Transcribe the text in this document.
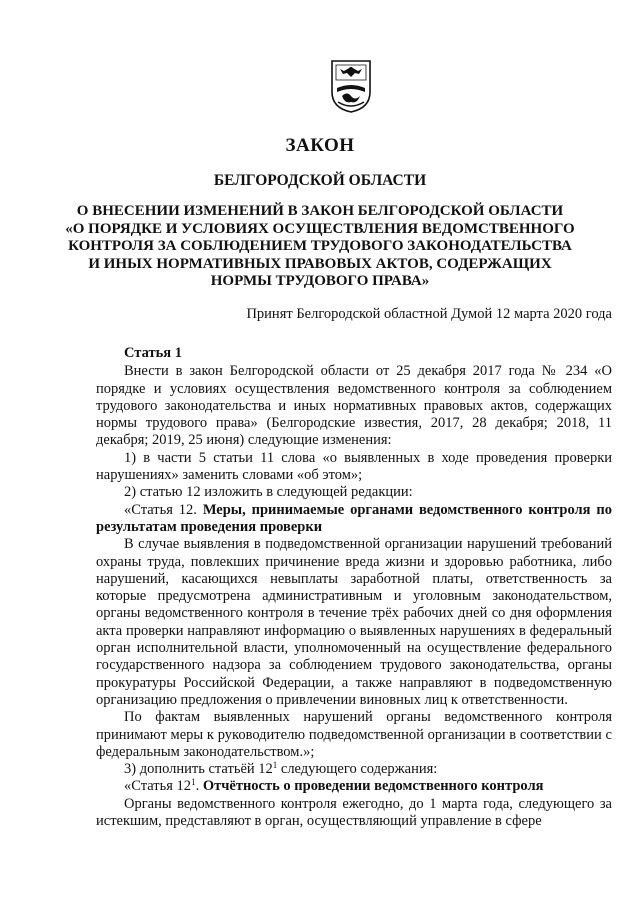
ЗАКОН
БЕЛГОРОДСКОЙ ОБЛАСТИ
О ВНЕСЕНИИ ИЗМЕНЕНИЙ В ЗАКОН БЕЛГОРОДСКОЙ ОБЛАСТИ
«О ПОРЯДКЕ И УСЛОВИЯХ ОСУЩЕСТВЛЕНИЯ ВЕДОМСТВЕННОГО
КОНТРОЛЯ ЗА СОБЛЮДЕНИЕМ ТРУДОВОГО ЗАКОНОДАТЕЛЬСТВА
И ИНЫХ НОРМАТИВНЫХ ПРАВОВЫХ АКТОВ, СОДЕРЖАЩИХ
НОРМЫ ТРУДОВОГО ПРАВА»
Принят Белгородской областной Думой 12 марта 2020 года

Статья 1

Внести в закон Белгородской области от 25 декабря 2017 года № 234 «О порядке и условиях осуществления ведомственного контроля за соблюдением трудового законодательства и иных нормативных правовых актов, содержащих нормы трудового права» (Белгородские известия, 2017, 28 декабря; 2018, 11 декабря; 2019, 25 июня) следующие изменения:

1) в части 5 статьи 11 слова «о выявленных в ходе проведения проверки нарушениях» заменить словами «об этом»;

2) статью 12 изложить в следующей редакции:

«Статья 12. Меры, принимаемые органами ведомственного контроля по результатам проведения проверки

В случае выявления в подведомственной организации нарушений требований охраны труда, повлекших причинение вреда жизни и здоровью работника, либо нарушений, касающихся невыплаты заработной платы, ответственность за которые предусмотрена административным и уголовным законодательством, органы ведомственного контроля в течение трёх рабочих дней со дня оформления акта проверки направляют информацию о выявленных нарушениях в федеральный орган исполнительной власти, уполномоченный на осуществление федерального государственного надзора за соблюдением трудового законодательства, органы прокуратуры Российской Федерации, а также направляют в подведомственную организацию предложения о привлечении виновных лиц к ответственности.

По фактам выявленных нарушений органы ведомственного контроля принимают меры к руководителю подведомственной организации в соответствии с федеральным законодательством.»;

3) дополнить статьёй $12^1$ следующего содержания:

«Статья $12^1$. Отчётность о проведении ведомственного контроля

Органы ведомственного контроля ежегодно, до 1 марта года, следующего за истекшим, представляют в орган, осуществляющий управление в сфере
